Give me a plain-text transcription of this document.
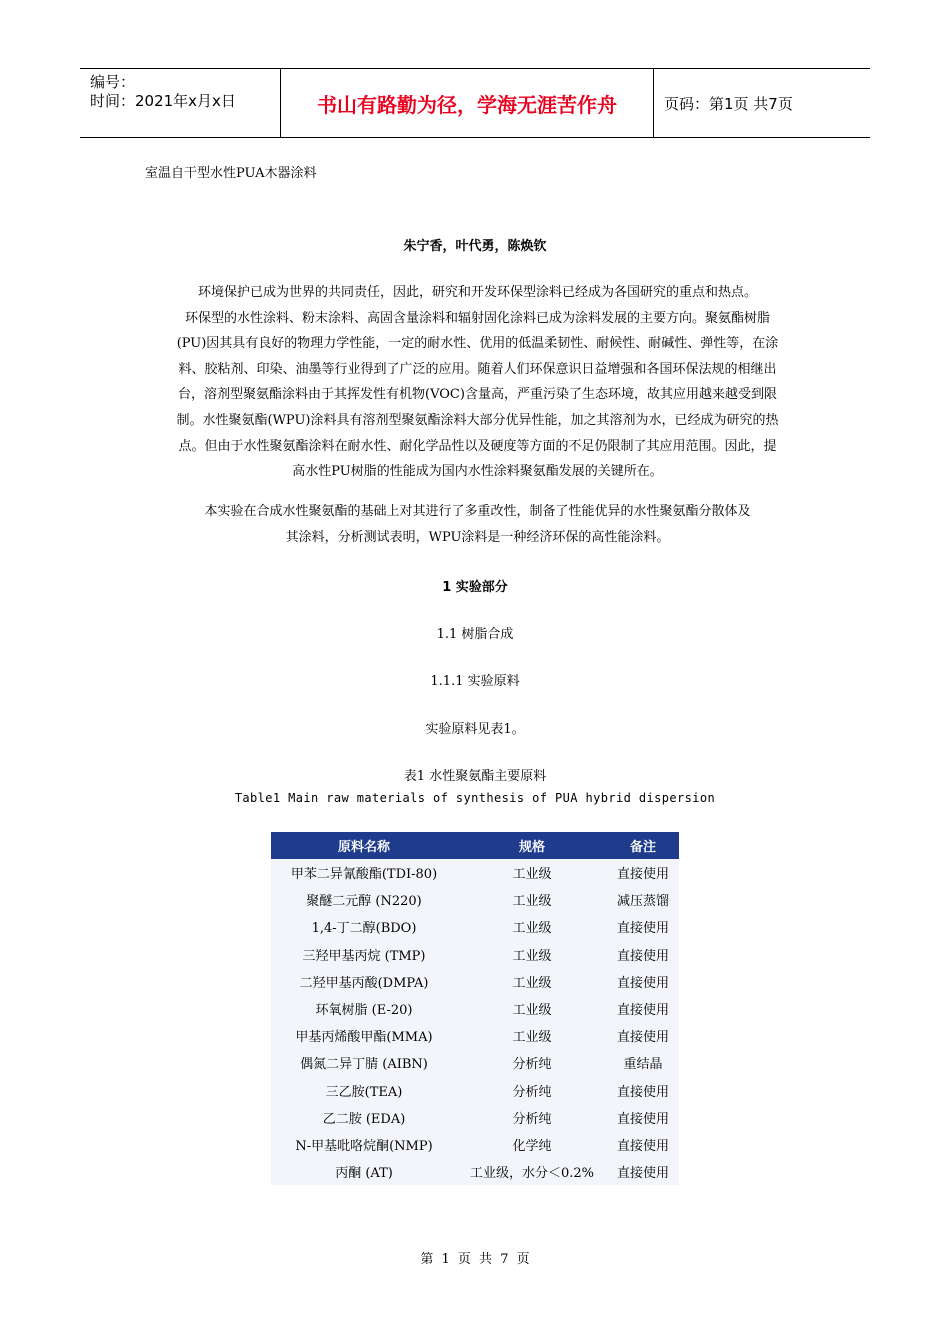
编号：
时间：2021年x月x日	书山有路勤为径，学海无涯苦作舟	页码：第1页 共7页
室温自干型水性PUA木器涂料
朱宁香，叶代勇，陈焕钦

环境保护已成为世界的共同责任，因此，研究和开发环保型涂料已经成为各国研究的重点和热点。

环保型的水性涂料、粉末涂料、高固含量涂料和辐射固化涂料已成为涂料发展的主要方向。聚氨酯树脂

(PU)因其具有良好的物理力学性能，一定的耐水性、优用的低温柔韧性、耐候性、耐碱性、弹性等，在涂

料、胶粘剂、印染、油墨等行业得到了广泛的应用。随着人们环保意识日益增强和各国环保法规的相继出

台，溶剂型聚氨酯涂料由于其挥发性有机物(VOC)含量高，严重污染了生态环境，故其应用越来越受到限

制。水性聚氨酯(WPU)涂料具有溶剂型聚氨酯涂料大部分优异性能，加之其溶剂为水，已经成为研究的热

点。但由于水性聚氨酯涂料在耐水性、耐化学品性以及硬度等方面的不足仍限制了其应用范围。因此，提

高水性PU树脂的性能成为国内水性涂料聚氨酯发展的关键所在。

本实验在合成水性聚氨酯的基础上对其进行了多重改性，制备了性能优异的水性聚氨酯分散体及

其涂料，分析测试表明，WPU涂料是一种经济环保的高性能涂料。

1 实验部分
1.1 树脂合成
1.1.1 实验原料
实验原料见表1。
表1 水性聚氨酯主要原料
Table1 Main raw materials of synthesis of PUA hybrid dispersion
原料名称	规格	备注
甲苯二异氰酸酯(TDI-80)	工业级	直接使用
聚醚二元醇 (N220)	工业级	减压蒸馏
1,4-丁二醇(BDO)	工业级	直接使用
三羟甲基丙烷 (TMP)	工业级	直接使用
二羟甲基丙酸(DMPA)	工业级	直接使用
环氧树脂 (E-20)	工业级	直接使用
甲基丙烯酸甲酯(MMA)	工业级	直接使用
偶氮二异丁腈 (AIBN)	分析纯	重结晶
三乙胺(TEA)	分析纯	直接使用
乙二胺 (EDA)	分析纯	直接使用
N-甲基吡咯烷酮(NMP)	化学纯	直接使用
丙酮 (AT)	工业级，水分＜0.2%	直接使用
第 1 页 共 7 页
